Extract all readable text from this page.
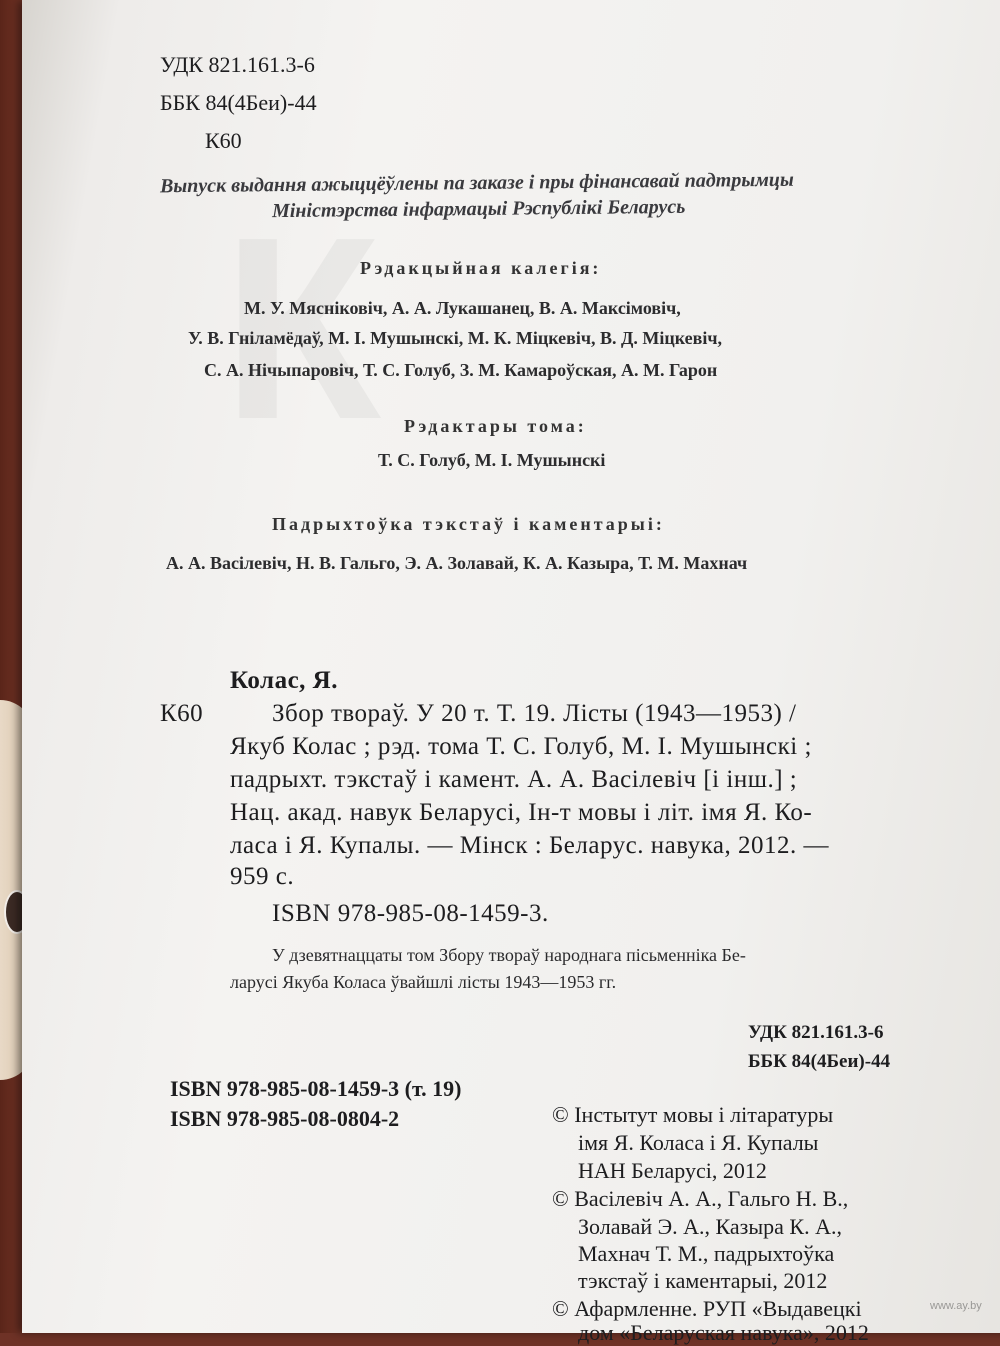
УДК 821.161.3-6
ББК 84(4Беи)-44
К60
Выпуск выдання ажыццёўлены па заказе і пры фінансавай падтрымцы
Міністэрства інфармацыі Рэспублікі Беларусь
Рэдакцыйная калегія:
М. У. Мясніковіч, А. А. Лукашанец, В. А. Максімовіч,
У. В. Гніламёдаў, М. І. Мушынскі, М. К. Міцкевіч, В. Д. Міцкевіч,
С. А. Нічыпаровіч, Т. С. Голуб, З. М. Камароўская, А. М. Гарон
Рэдактары тома:
Т. С. Голуб, М. І. Мушынскі
Падрыхтоўка тэкстаў і каментарыі:
А. А. Васілевіч, Н. В. Гальго, Э. А. Золавай, К. А. Казыра, Т. М. Махнач
Колас, Я.
К60	Збор твораў. У 20 т. Т. 19. Лісты (1943—1953) /
Якуб Колас ; рэд. тома Т. С. Голуб, М. І. Мушынскі ;
падрыхт. тэкстаў і камент. А. А. Васілевіч [і інш.] ;
Нац. акад. навук Беларусі, Ін-т мовы і літ. імя Я. Ко-
ласа і Я. Купалы. — Мінск : Беларус. навука, 2012. —
959 с.
ISBN 978-985-08-1459-3.
У дзевятнаццаты том Збору твораў народнага пісьменніка Бе-
ларусі Якуба Коласа ўвайшлі лісты 1943—1953 гг.
УДК 821.161.3-6
ББК 84(4Беи)-44
ISBN 978-985-08-1459-3 (т. 19)
ISBN 978-985-08-0804-2	© Інстытут мовы і літаратуры
імя Я. Коласа і Я. Купалы
НАН Беларусі, 2012
© Васілевіч А. А., Гальго Н. В.,
Золавай Э. А., Казыра К. А.,
Махнач Т. М., падрыхтоўка
тэкстаў і каментарыі, 2012
© Афармленне. РУП «Выдавецкі
дом «Беларуская навука», 2012
www.ay.by
